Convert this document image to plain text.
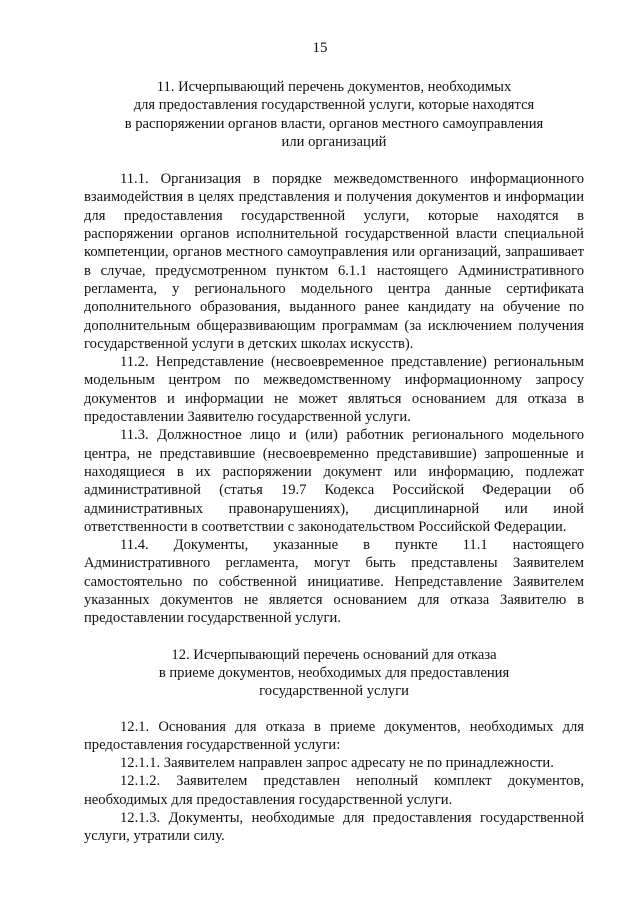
15
11. Исчерпывающий перечень документов, необходимых
для предоставления государственной услуги, которые находятся
в распоряжении органов власти, органов местного самоуправления
или организаций

11.1. Организация в порядке межведомственного информационного взаимодействия в целях представления и получения документов и информации для предоставления государственной услуги, которые находятся в распоряжении органов исполнительной государственной власти специальной компетенции, органов местного самоуправления или организаций, запрашивает в случае, предусмотренном пунктом 6.1.1 настоящего Административного регламента, у регионального модельного центра данные сертификата дополнительного образования, выданного ранее кандидату на обучение по дополнительным общеразвивающим программам (за исключением получения государственной услуги в детских школах искусств).

11.2. Непредставление (несвоевременное представление) региональным модельным центром по межведомственному информационному запросу документов и информации не может являться основанием для отказа в предоставлении Заявителю государственной услуги.

11.3. Должностное лицо и (или) работник регионального модельного центра, не представившие (несвоевременно представившие) запрошенные и находящиеся в их распоряжении документ или информацию, подлежат административной (статья 19.7 Кодекса Российской Федерации об административных правонарушениях), дисциплинарной или иной ответственности в соответствии с законодательством Российской Федерации.

11.4. Документы, указанные в пункте 11.1 настоящего Административного регламента, могут быть представлены Заявителем самостоятельно по собственной инициативе. Непредставление Заявителем указанных документов не является основанием для отказа Заявителю в предоставлении государственной услуги.

12. Исчерпывающий перечень оснований для отказа
в приеме документов, необходимых для предоставления
государственной услуги

12.1. Основания для отказа в приеме документов, необходимых для предоставления государственной услуги:

12.1.1. Заявителем направлен запрос адресату не по принадлежности.

12.1.2. Заявителем представлен неполный комплект документов, необходимых для предоставления государственной услуги.

12.1.3. Документы, необходимые для предоставления государственной услуги, утратили силу.
